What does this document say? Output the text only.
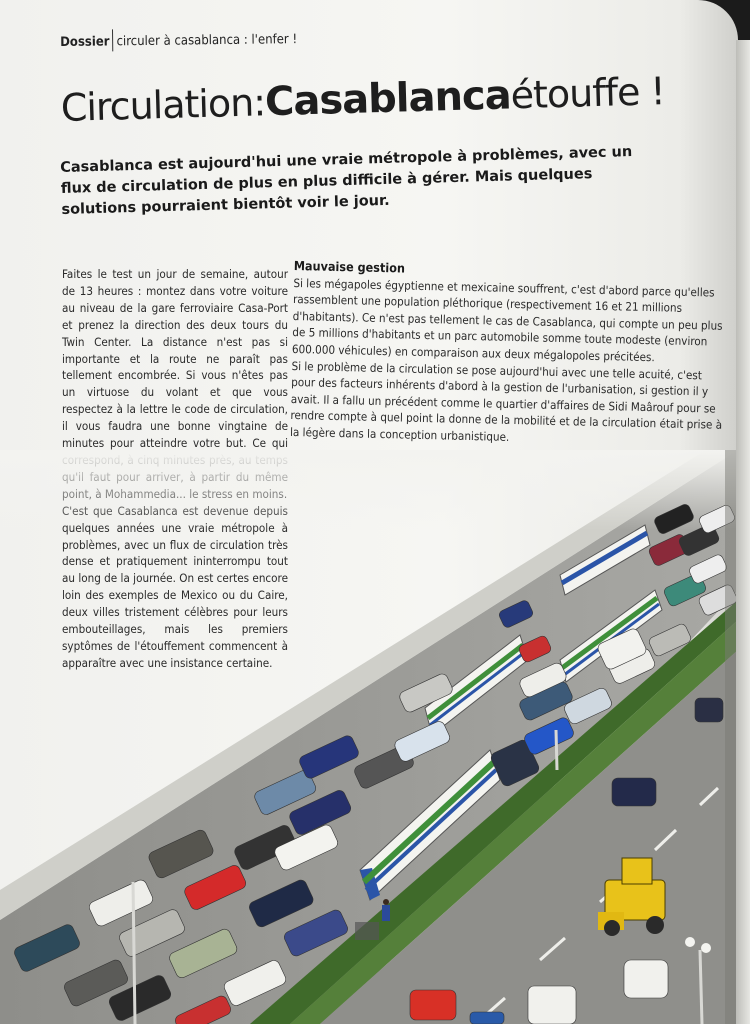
Dossier circuler à casablanca : l'enfer !
Circulation:Casablancaétouffe !
Casablanca est aujourd'hui une vraie métropole à problèmes, avec un flux de circulation de plus en plus difficile à gérer. Mais quelques solutions pourraient bientôt voir le jour.

Faites le test un jour de semaine, autour de 13 heures : montez dans votre voiture au niveau de la gare ferroviaire Casa-Port et prenez la direction des deux tours du Twin Center. La distance n'est pas si importante et la route ne paraît pas tellement encombrée. Si vous n'êtes pas un virtuose du volant et que vous respectez à la lettre le code de circulation, il vous faudra une bonne vingtaine de minutes pour atteindre votre but. Ce qui

problèmes, avec un flux de circulation très dense et pratiquement ininterrompu tout au long de la journée. On est certes encore loin des exemples de Mexico ou du Caire, deux villes tristement célèbres pour leurs embouteillages, mais les premiers syptômes de l'étouffement commencent à apparaître avec une insistance certaine.

Mauvaise gestion

Si les mégapoles égyptienne et mexicaine souffrent, c'est d'abord parce qu'elles rassemblent une population pléthorique (respectivement 16 et 21 millions d'habitants). Ce n'est pas tellement le cas de Casablanca, qui compte un peu plus de 5 millions d'habitants et un parc automobile somme toute modeste (environ 600.000 véhicules) en comparaison aux deux mégalopoles précitées.

Si le problème de la circulation se pose aujourd'hui avec une telle acuité, c'est pour des facteurs inhérents d'abord à la gestion de l'urbanisation, si gestion il y avait. Il a fallu un précédent comme le quartier d'affaires de Sidi Maârouf pour se rendre compte à quel point la donne de la mobilité et de la circulation était prise à la légère dans la conception urbanistique.
